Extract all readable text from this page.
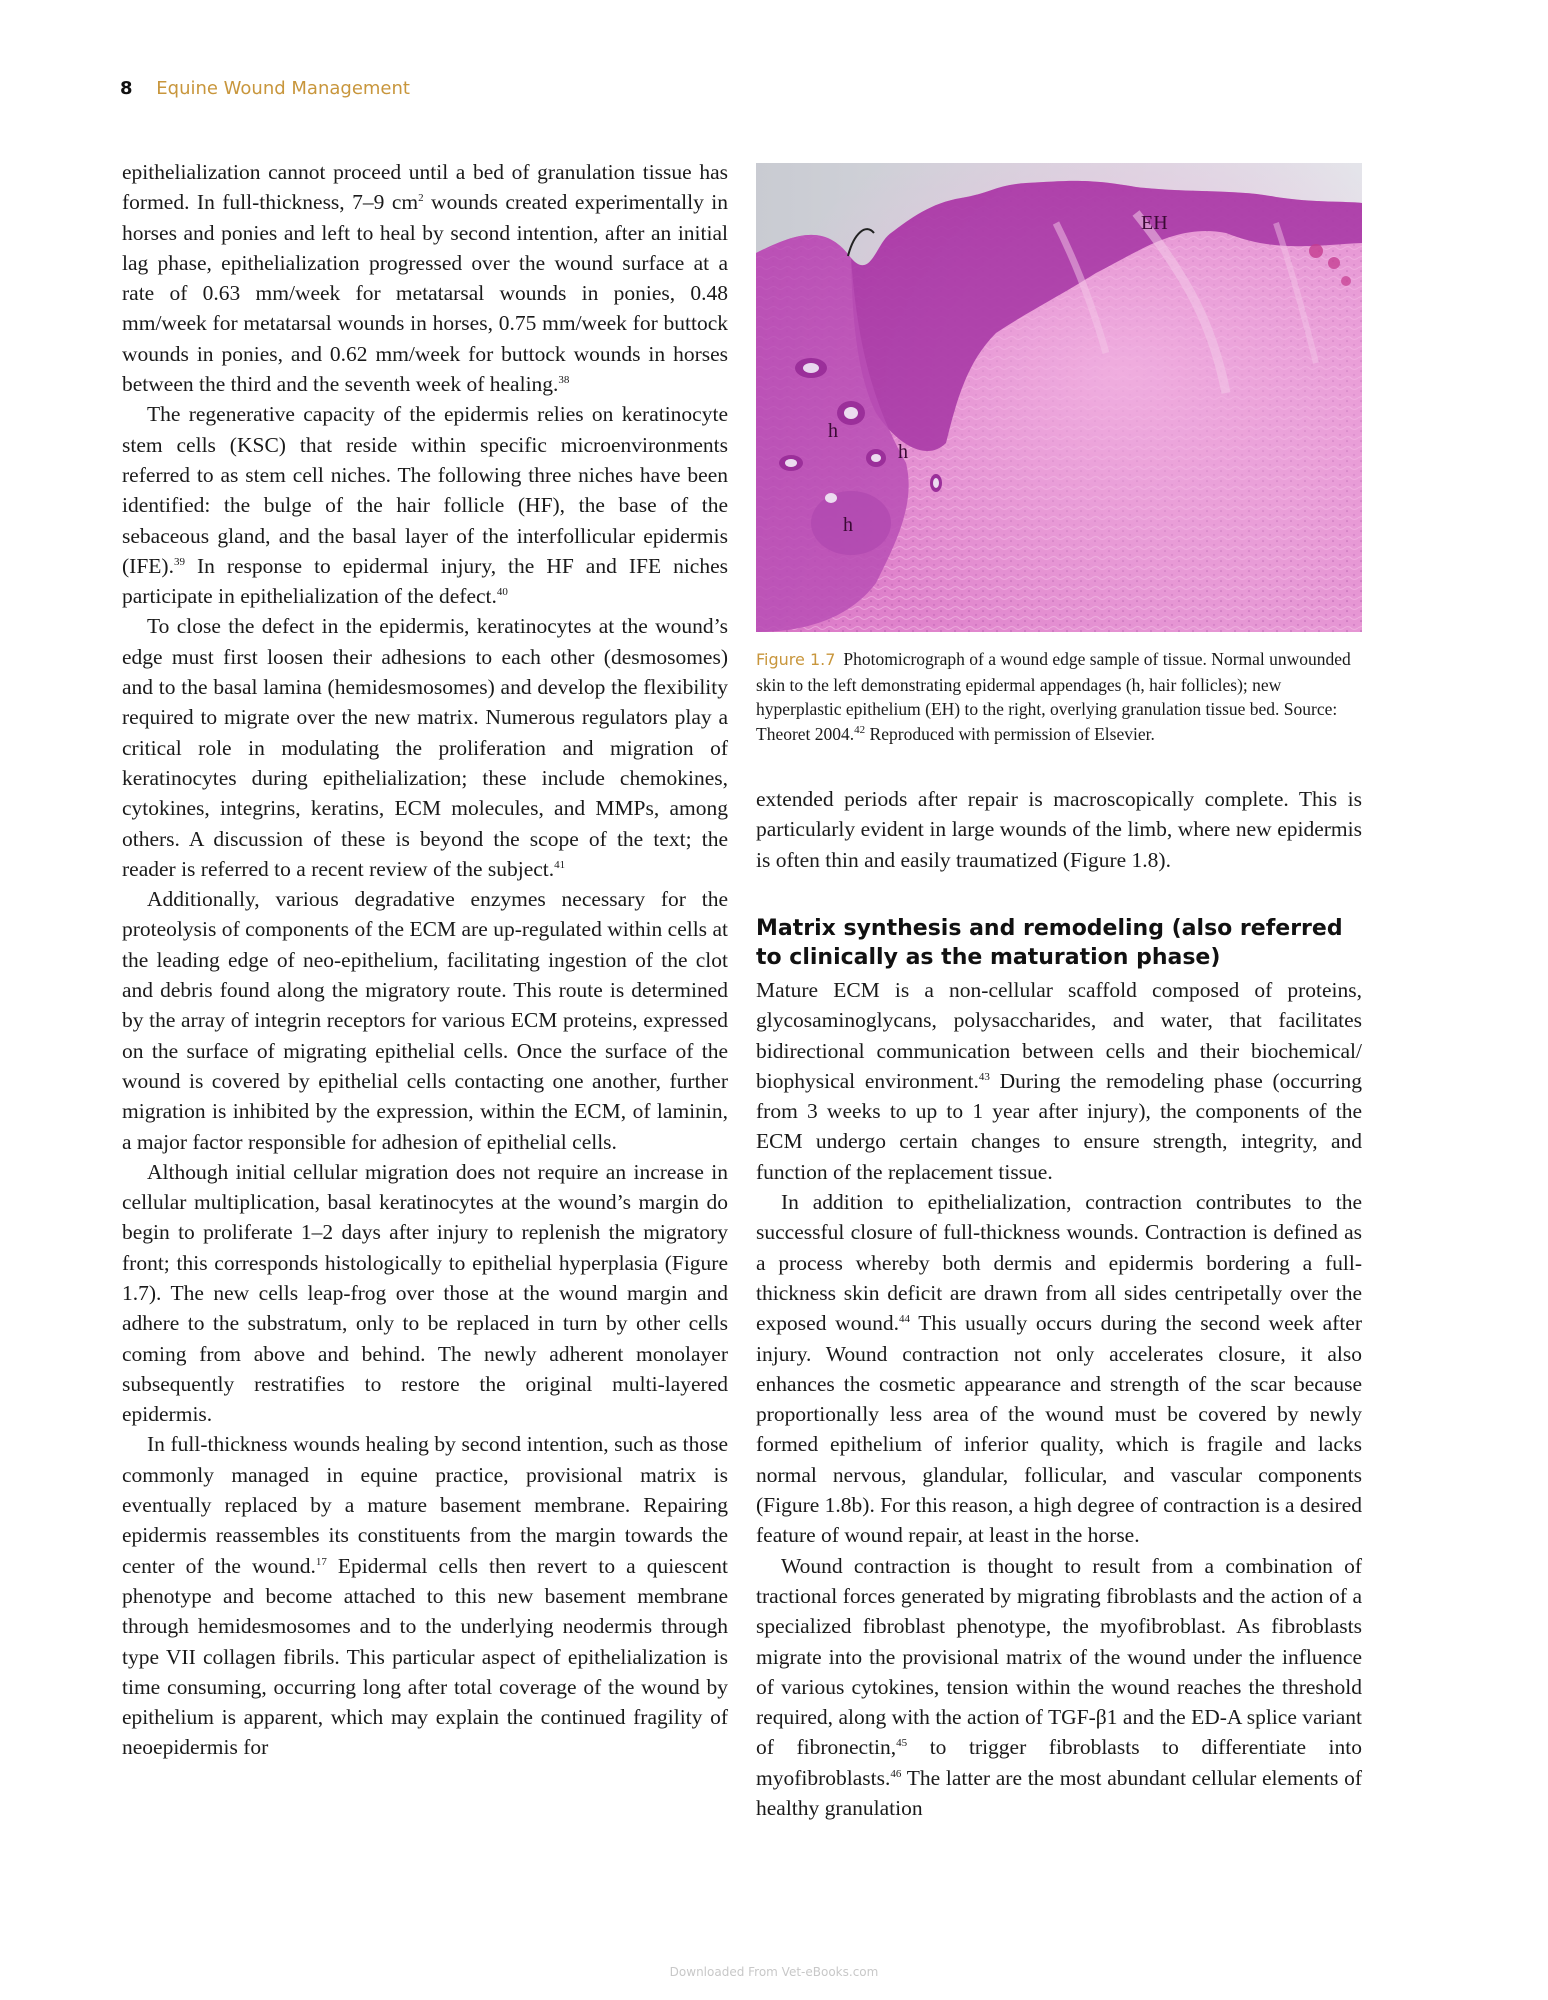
8 Equine Wound Management

epithelialization cannot proceed until a bed of granulation tissue has formed. In full-thickness, 7–9 $cm^2$ wounds created experimentally in horses and ponies and left to heal by second intention, after an initial lag phase, epithelialization progressed over the wound surface at a rate of 0.63 mm/week for metatarsal wounds in ponies, 0.48 mm/week for metatarsal wounds in horses, 0.75 mm/week for buttock wounds in ponies, and 0.62 mm/week for buttock wounds in horses between the third and the seventh week of healing.$^{38}$

The regenerative capacity of the epidermis relies on keratinocyte stem cells (KSC) that reside within specific microenvironments referred to as stem cell niches. The following three niches have been identified: the bulge of the hair follicle (HF), the base of the sebaceous gland, and the basal layer of the interfollicular epidermis (IFE).$^{39}$ In response to epidermal injury, the HF and IFE niches participate in epithelialization of the defect.$^{40}$

To close the defect in the epidermis, keratinocytes at the wound’s edge must first loosen their adhesions to each other (desmosomes) and to the basal lamina (hemidesmosomes) and develop the flexibility required to migrate over the new matrix. Numerous regulators play a critical role in modulating the proliferation and migration of keratinocytes during epithelialization; these include chemokines, cytokines, integrins, keratins, ECM molecules, and MMPs, among others. A discussion of these is beyond the scope of the text; the reader is referred to a recent review of the subject.$^{41}$

Additionally, various degradative enzymes necessary for the proteolysis of components of the ECM are up-regulated within cells at the leading edge of neo-epithelium, facilitating ingestion of the clot and debris found along the migratory route. This route is determined by the array of integrin receptors for various ECM proteins, expressed on the surface of migrating epithelial cells. Once the surface of the wound is covered by epithelial cells contacting one another, further migration is inhibited by the expression, within the ECM, of laminin, a major factor responsible for adhesion of epithelial cells.

Although initial cellular migration does not require an increase in cellular multiplication, basal keratinocytes at the wound’s margin do begin to proliferate 1–2 days after injury to replenish the migratory front; this corresponds histologically to epithelial hyperplasia (Figure 1.7). The new cells leap-frog over those at the wound margin and adhere to the substratum, only to be replaced in turn by other cells coming from above and behind. The newly adherent monolayer subsequently restratifies to restore the original multi-layered epidermis.

In full-thickness wounds healing by second intention, such as those commonly managed in equine practice, provisional matrix is eventually replaced by a mature basement membrane. Repairing epidermis reassembles its constituents from the margin towards the center of the wound.$^{17}$ Epidermal cells then revert to a quiescent phenotype and become attached to this new basement membrane through hemidesmosomes and to the underlying neodermis through type VII collagen fibrils. This particular aspect of epithelialization is time consuming, occurring long after total coverage of the wound by epithelium is apparent, which may explain the continued fragility of neoepidermis for

EH
h
h
h
Figure 1.7 Photomicrograph of a wound edge sample of tissue. Normal unwounded skin to the left demonstrating epidermal appendages (h, hair follicles); new hyperplastic epithelium (EH) to the right, overlying granulation tissue bed. Source: Theoret 2004.42 Reproduced with permission of Elsevier.

extended periods after repair is macroscopically complete. This is particularly evident in large wounds of the limb, where new epidermis is often thin and easily traumatized (Figure 1.8).

Matrix synthesis and remodeling (also referred to clinically as the maturation phase)

Mature ECM is a non-cellular scaffold composed of proteins, glycosaminoglycans, polysaccharides, and water, that facilitates bidirectional communication between cells and their biochemical/ biophysical environment.$^{43}$ During the remodeling phase (occurring from 3 weeks to up to 1 year after injury), the components of the ECM undergo certain changes to ensure strength, integrity, and function of the replacement tissue.

In addition to epithelialization, contraction contributes to the successful closure of full-thickness wounds. Contraction is defined as a process whereby both dermis and epidermis bordering a full-thickness skin deficit are drawn from all sides centripetally over the exposed wound.$^{44}$ This usually occurs during the second week after injury. Wound contraction not only accelerates closure, it also enhances the cosmetic appearance and strength of the scar because proportionally less area of the wound must be covered by newly formed epithelium of inferior quality, which is fragile and lacks normal nervous, glandular, follicular, and vascular components (Figure 1.8b). For this reason, a high degree of contraction is a desired feature of wound repair, at least in the horse.

Wound contraction is thought to result from a combination of tractional forces generated by migrating fibroblasts and the action of a specialized fibroblast phenotype, the myofibroblast. As fibroblasts migrate into the provisional matrix of the wound under the influence of various cytokines, tension within the wound reaches the threshold required, along with the action of TGF-β1 and the ED-A splice variant of fibronectin,$^{45}$ to trigger fibroblasts to differentiate into myofibroblasts.$^{46}$ The latter are the most abundant cellular elements of healthy granulation

Downloaded From Vet-eBooks.com
